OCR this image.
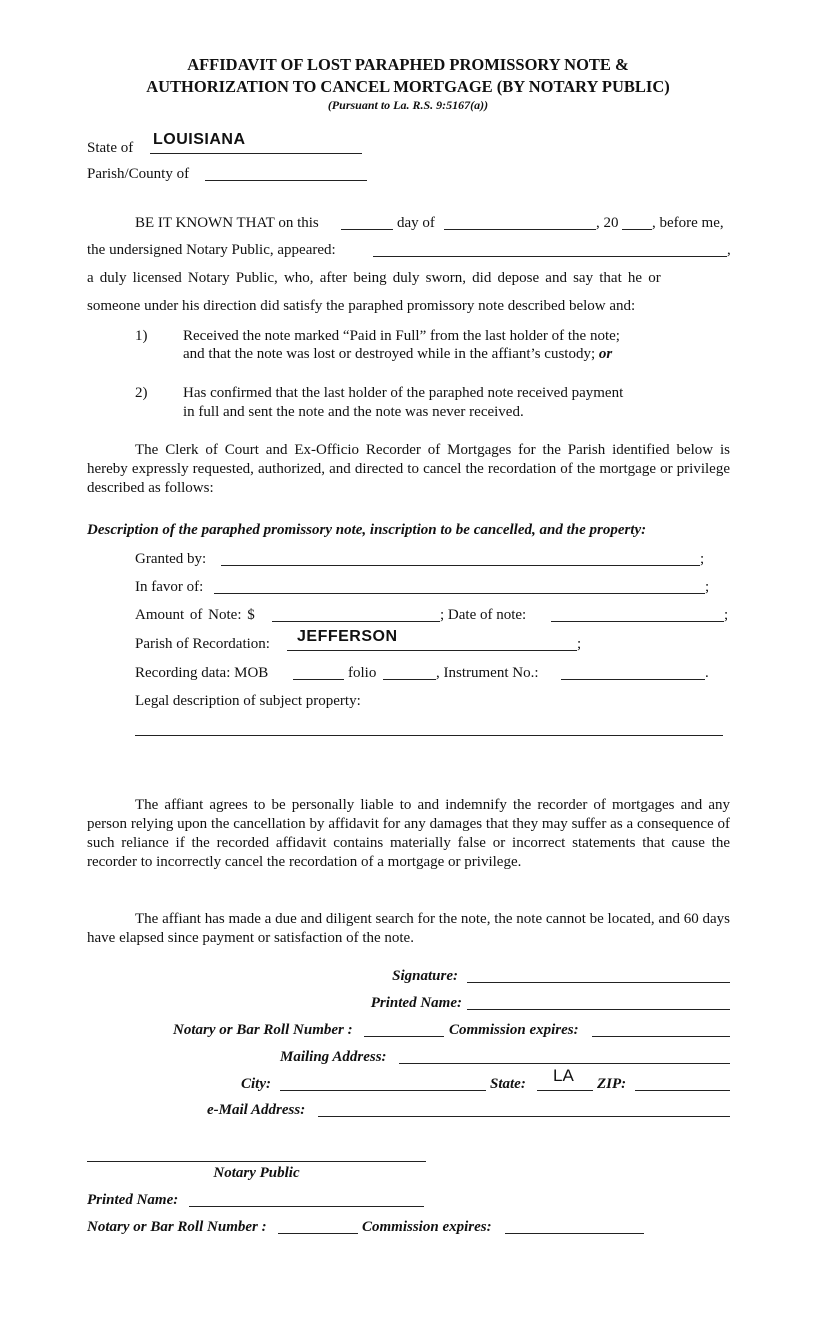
AFFIDAVIT OF LOST PARAPHED PROMISSORY NOTE &
AUTHORIZATION TO CANCEL MORTGAGE (BY NOTARY PUBLIC)
(Pursuant to La. R.S. 9:5167(a))
State of LOUISIANA
Parish/County of
BE IT KNOWN THAT on this	day of	, 20 , before me,
the undersigned Notary Public, appeared:	,
a duly licensed Notary Public, who, after being duly sworn, did depose and say that he or
someone under his direction did satisfy the paraphed promissory note described below and:
1) Received the note marked “Paid in Full” from the last holder of the note;
and that the note was lost or destroyed while in the affiant’s custody; or
2) Has confirmed that the last holder of the paraphed note received payment
in full and sent the note and the note was never received.
The Clerk of Court and Ex-Officio Recorder of Mortgages for the Parish identified below is hereby expressly requested, authorized, and directed to cancel the recordation of the mortgage or privilege described as follows:
Description of the paraphed promissory note, inscription to be cancelled, and the property:
Granted by:	;
In favor of:	;
Amount of Note: $	; Date of note:	;
Parish of Recordation: JEFFERSON	;
Recording data: MOB	folio	, Instrument No.:	.
Legal description of subject property:
The affiant agrees to be personally liable to and indemnify the recorder of mortgages and any person relying upon the cancellation by affidavit for any damages that they may suffer as a consequence of such reliance if the recorded affidavit contains materially false or incorrect statements that cause the recorder to incorrectly cancel the recordation of a mortgage or privilege.
The affiant has made a due and diligent search for the note, the note cannot be located, and 60 days have elapsed since payment or satisfaction of the note.
Signature:
Printed Name:
Notary or Bar Roll Number :	Commission expires:
Mailing Address:
City:	State: LA ZIP:
e-Mail Address:
Notary Public
Printed Name:
Notary or Bar Roll Number :	Commission expires:
